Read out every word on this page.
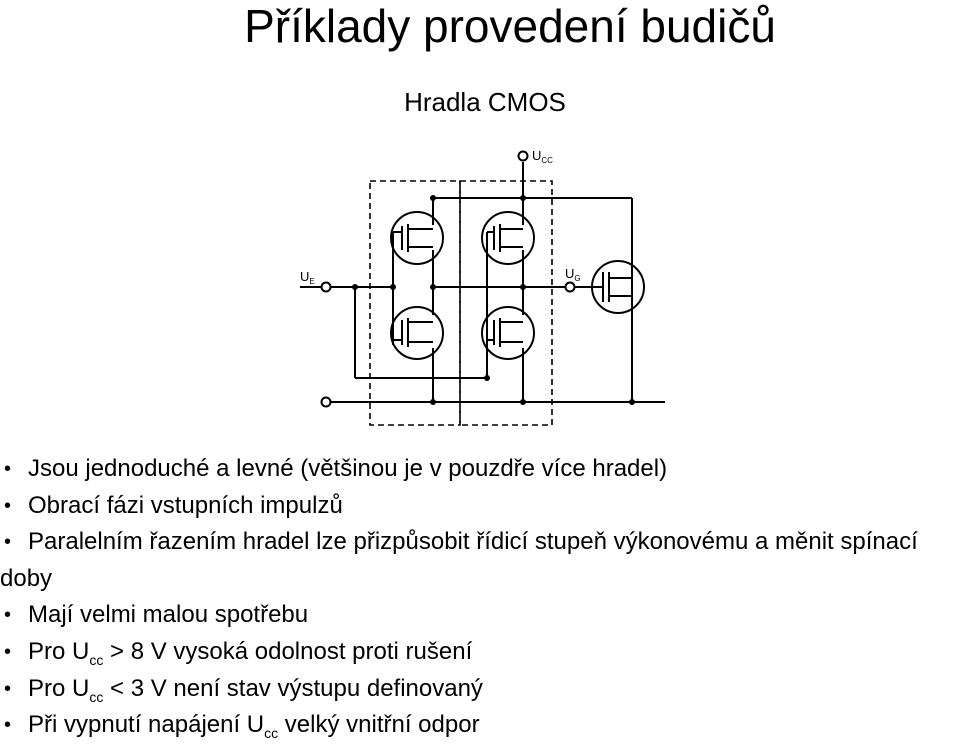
Příklady provedení budičů
Hradla CMOS
$U_{CC}$
$U_E$
$U_G$
• Jsou jednoduché a levné (většinou je v pouzdře více hradel)
• Obrací fázi vstupních impulzů
• Paralelním řazením hradel lze přizpůsobit řídicí stupeň výkonovému a měnit spínací doby
• Mají velmi malou spotřebu
• Pro $U_{cc} > 8$ V vysoká odolnost proti rušení
• Pro $U_{cc} < 3$ V není stav výstupu definovaný
• Při vypnutí napájení $U_{cc}$ velký vnitřní odpor
